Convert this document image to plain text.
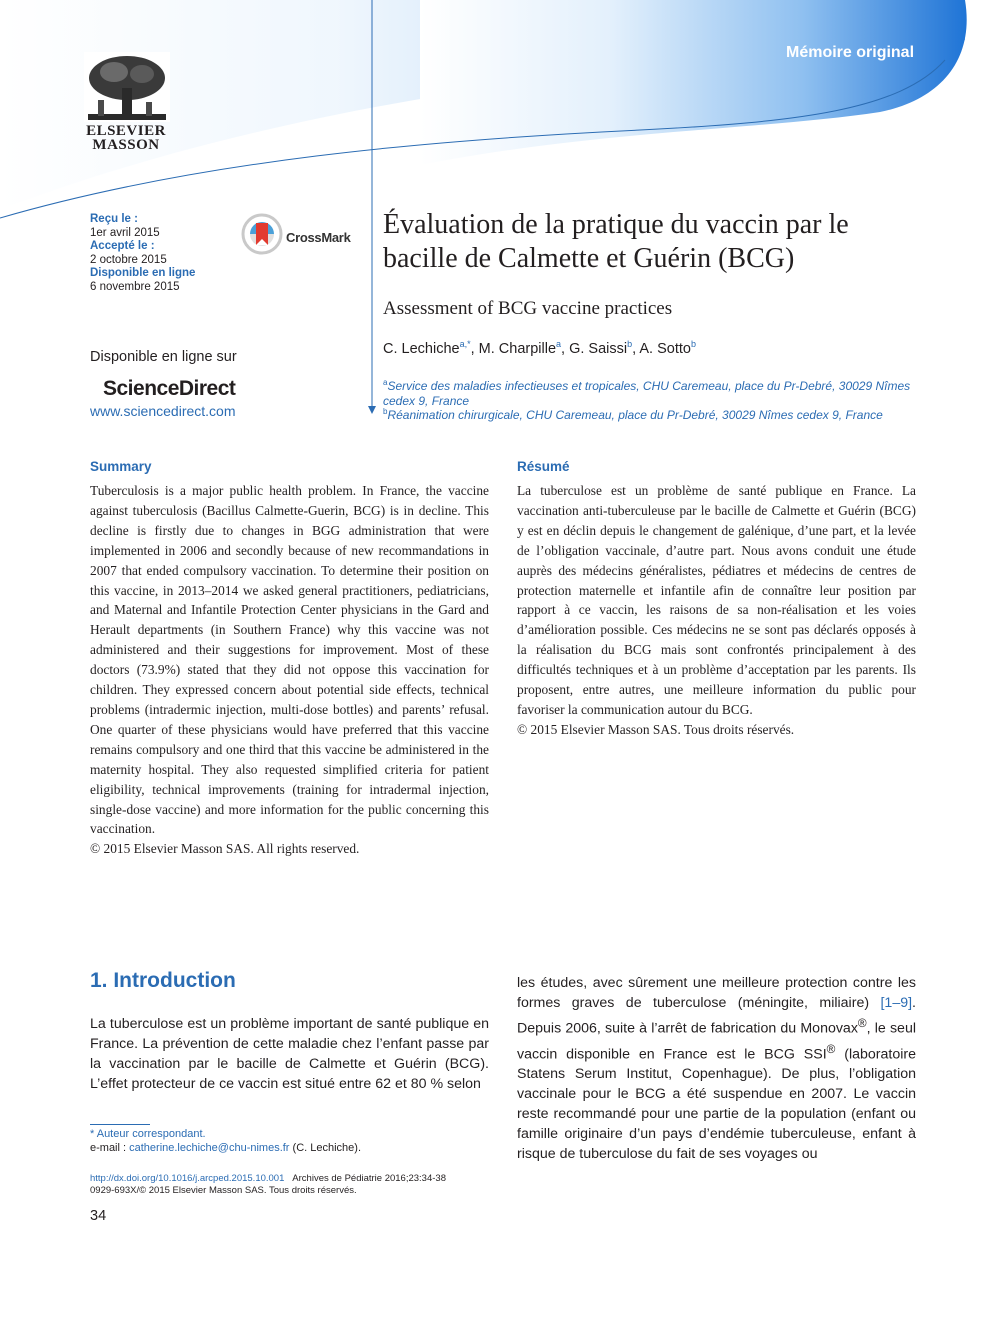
Mémoire original
ELSEVIER
MASSON
Reçu le :
1er avril 2015
Accepté le :
2 octobre 2015
Disponible en ligne
6 novembre 2015
CrossMark
Disponible en ligne sur
ScienceDirect
www.sciencedirect.com
Évaluation de la pratique du vaccin par le bacille de Calmette et Guérin (BCG)
Assessment of BCG vaccine practices
C. Lechiche$^{a,*}$, M. Charpille$^a$, G. Saissi$^b$, A. Sotto$^b$
$^a$Service des maladies infectieuses et tropicales, CHU Caremeau, place du Pr-Debré, 30029 Nîmes cedex 9, France
$^b$Réanimation chirurgicale, CHU Caremeau, place du Pr-Debré, 30029 Nîmes cedex 9, France
Summary

Tuberculosis is a major public health problem. In France, the vaccine against tuberculosis (Bacillus Calmette-Guerin, BCG) is in decline. This decline is firstly due to changes in BGG administration that were implemented in 2006 and secondly because of new recommandations in 2007 that ended compulsory vaccination. To determine their position on this vaccine, in 2013–2014 we asked general practitioners, pediatricians, and Maternal and Infantile Protection Center physicians in the Gard and Herault departments (in Southern France) why this vaccine was not administered and their suggestions for improvement. Most of these doctors (73.9%) stated that they did not oppose this vaccination for children. They expressed concern about potential side effects, technical problems (intradermic injection, multi-dose bottles) and parents’ refusal. One quarter of these physicians would have preferred that this vaccine remains compulsory and one third that this vaccine be administered in the maternity hospital. They also requested simplified criteria for patient eligibility, technical improvements (training for intradermal injection, single-dose vaccine) and more information for the public concerning this vaccination.

© 2015 Elsevier Masson SAS. All rights reserved.

Résumé

La tuberculose est un problème de santé publique en France. La vaccination anti-tuberculeuse par le bacille de Calmette et Guérin (BCG) y est en déclin depuis le changement de galénique, d’une part, et la levée de l’obligation vaccinale, d’autre part. Nous avons conduit une étude auprès des médecins généralistes, pédiatres et médecins de centres de protection maternelle et infantile afin de connaître leur position par rapport à ce vaccin, les raisons de sa non-réalisation et les voies d’amélioration possible. Ces médecins ne se sont pas déclarés opposés à la réalisation du BCG mais sont confrontés principalement à des difficultés techniques et à un problème d’acceptation par les parents. Ils proposent, entre autres, une meilleure information du public pour favoriser la communication autour du BCG.

© 2015 Elsevier Masson SAS. Tous droits réservés.

1. Introduction

La tuberculose est un problème important de santé publique en France. La prévention de cette maladie chez l’enfant passe par la vaccination par le bacille de Calmette et Guérin (BCG). L’effet protecteur de ce vaccin est situé entre 62 et 80 % selon

les études, avec sûrement une meilleure protection contre les formes graves de tuberculose (méningite, miliaire) [1–9]. Depuis 2006, suite à l’arrêt de fabrication du Monovax®, le seul vaccin disponible en France est le BCG SSI® (laboratoire Statens Serum Institut, Copenhague). De plus, l’obligation vaccinale pour le BCG a été suspendue en 2007. Le vaccin reste recommandé pour une partie de la population (enfant ou famille originaire d’un pays d’endémie tuberculeuse, enfant à risque de tuberculose du fait de ses voyages ou

* Auteur correspondant.
e-mail : catherine.lechiche@chu-nimes.fr (C. Lechiche).
http://dx.doi.org/10.1016/j.arcped.2015.10.001 Archives de Pédiatrie 2016;23:34-38
0929-693X/© 2015 Elsevier Masson SAS. Tous droits réservés.
34
